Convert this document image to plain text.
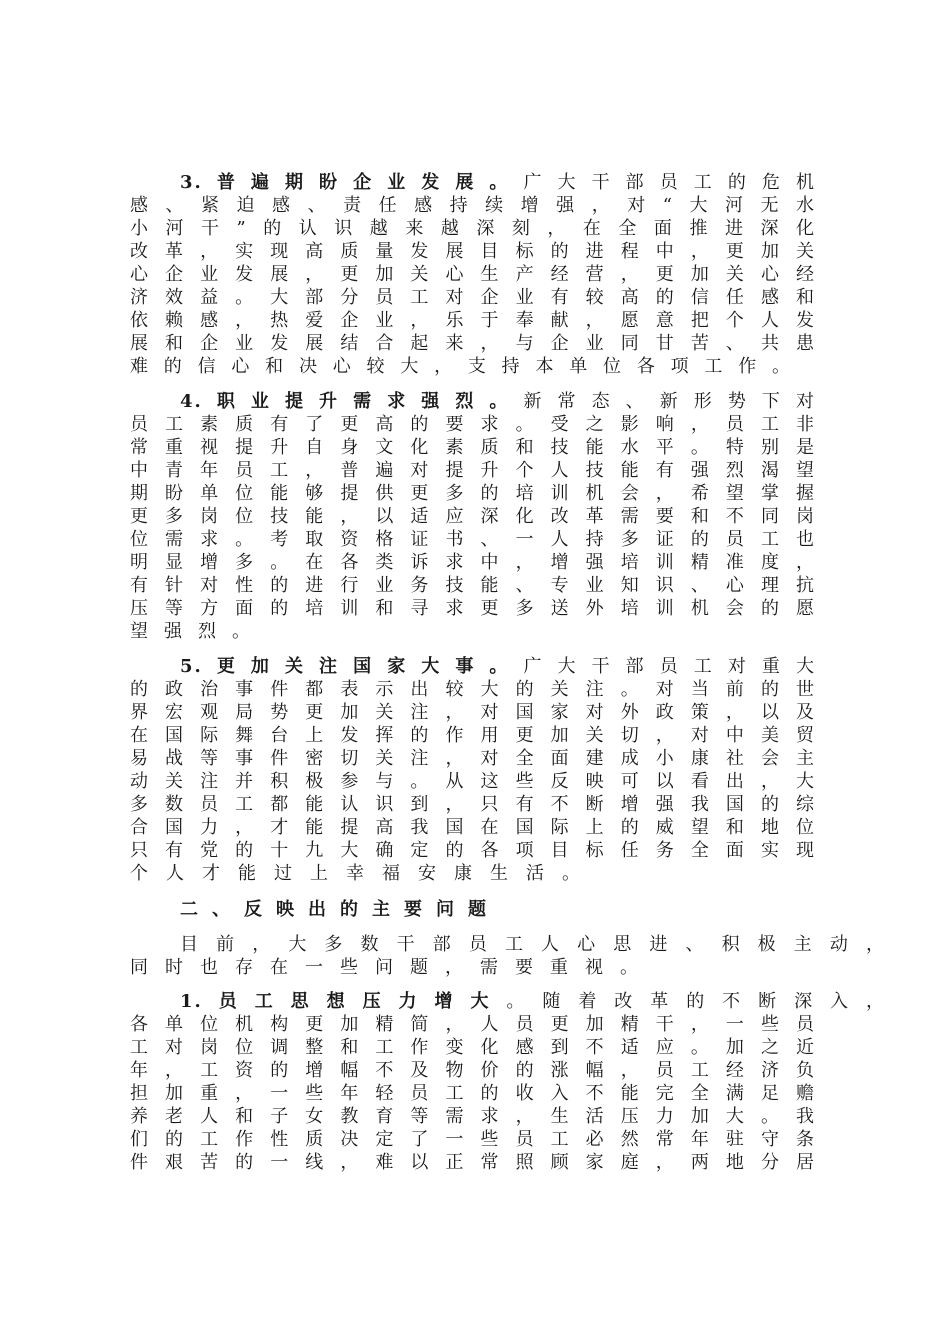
3.普遍期盼企业发展。广大干部员工的危机
感、紧迫感、责任感持续增强，对“大河无水
小河干”的认识越来越深刻，在全面推进深化
改革，实现高质量发展目标的进程中，更加关
心企业发展，更加关心生产经营，更加关心经
济效益。大部分员工对企业有较高的信任感和
依赖感，热爱企业，乐于奉献，愿意把个人发
展和企业发展结合起来，与企业同甘苦、共患
难的信心和决心较大，支持本单位各项工作。
4.职业提升需求强烈。新常态、新形势下对
员工素质有了更高的要求。受之影响，员工非
常重视提升自身文化素质和技能水平。特别是
中青年员工，普遍对提升个人技能有强烈渴望
期盼单位能够提供更多的培训机会，希望掌握
更多岗位技能，以适应深化改革需要和不同岗
位需求。考取资格证书、一人持多证的员工也
明显增多。在各类诉求中，增强培训精准度，
有针对性的进行业务技能、专业知识、心理抗
压等方面的培训和寻求更多送外培训机会的愿
望强烈。
5.更加关注国家大事。广大干部员工对重大
的政治事件都表示出较大的关注。对当前的世
界宏观局势更加关注，对国家对外政策，以及
在国际舞台上发挥的作用更加关切，对中美贸
易战等事件密切关注，对全面建成小康社会主
动关注并积极参与。从这些反映可以看出，大
多数员工都能认识到，只有不断增强我国的综
合国力，才能提高我国在国际上的威望和地位
只有党的十九大确定的各项目标任务全面实现
个人才能过上幸福安康生活。
二、反映出的主要问题
目前，大多数干部员工人心思进、积极主动，
同时也存在一些问题，需要重视。
1.员工思想压力增大。随着改革的不断深入，
各单位机构更加精简，人员更加精干，一些员
工对岗位调整和工作变化感到不适应。加之近
年，工资的增幅不及物价的涨幅，员工经济负
担加重，一些年轻员工的收入不能完全满足赡
养老人和子女教育等需求，生活压力加大。我
们的工作性质决定了一些员工必然常年驻守条
件艰苦的一线，难以正常照顾家庭，两地分居
